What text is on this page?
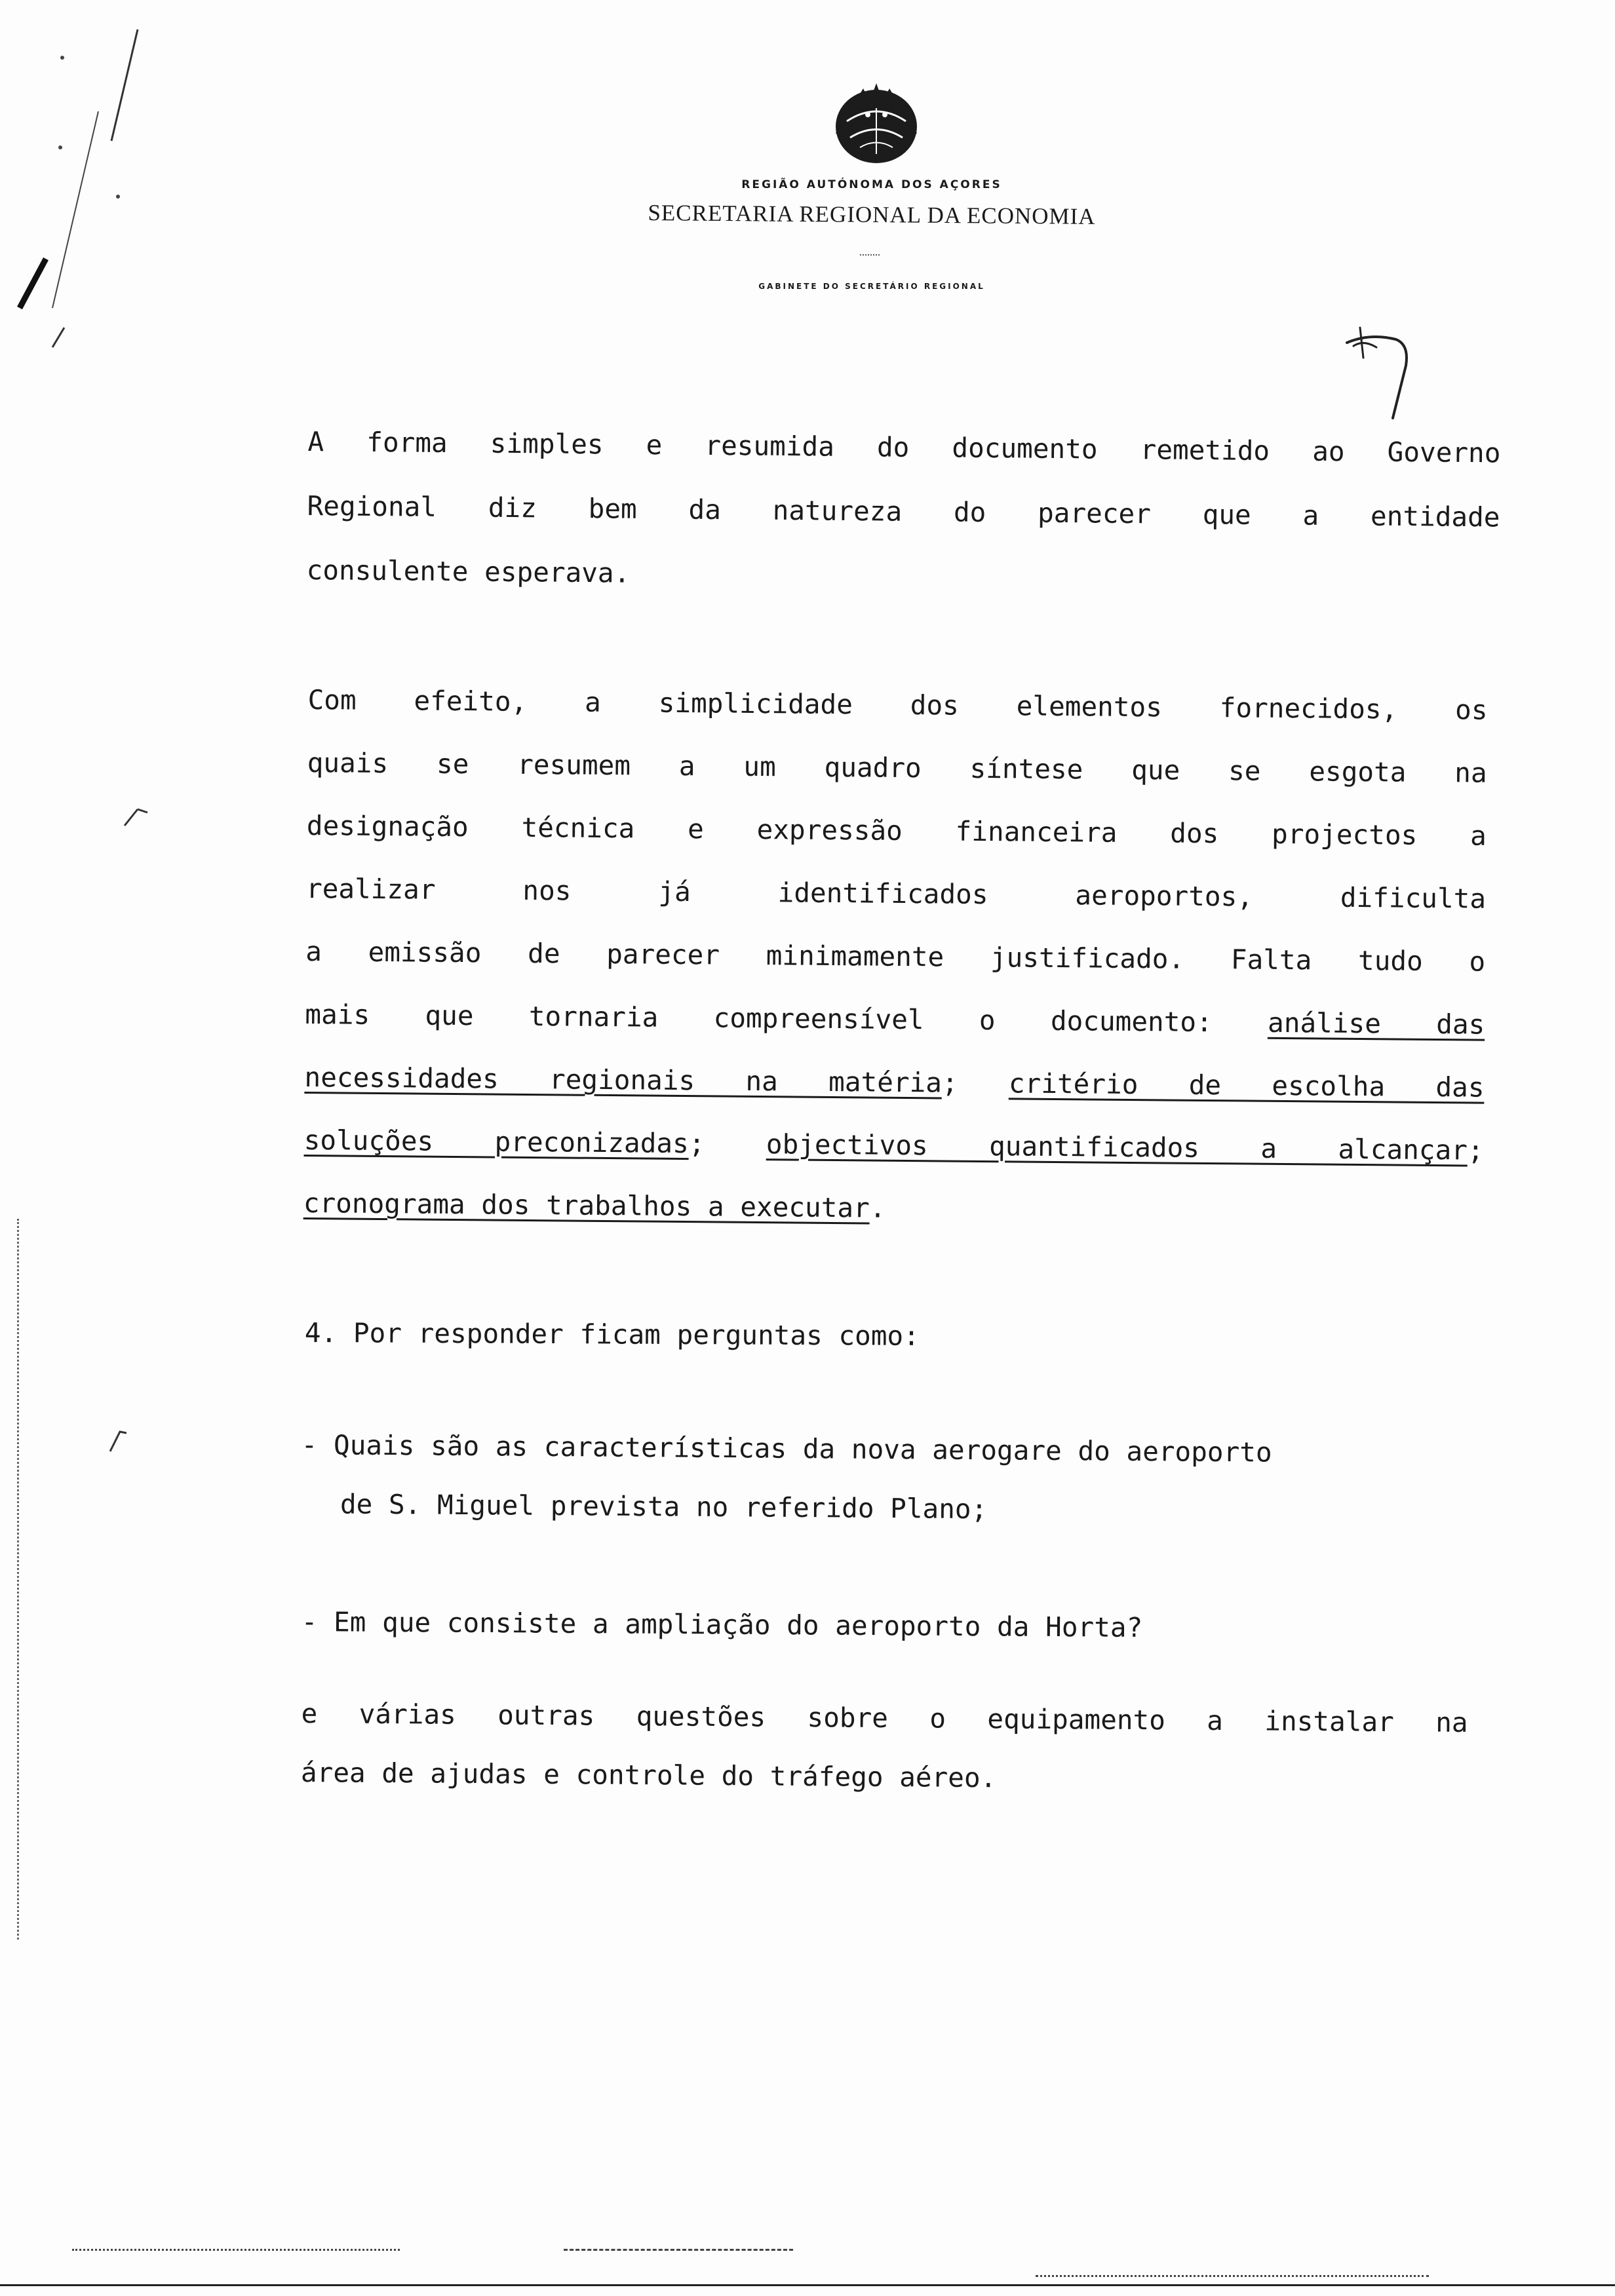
REGIÃO AUTÓNOMA DOS AÇORES
SECRETARIA REGIONAL DA ECONOMIA
GABINETE DO SECRETÁRIO REGIONAL
A forma simples e resumida do documento remetido ao Governo
Regional diz bem da natureza do parecer que a entidade
consulente esperava.
Com efeito, a simplicidade dos elementos fornecidos, os
quais se resumem a um quadro síntese que se esgota na
designação técnica e expressão financeira dos projectos a
realizar nos já identificados aeroportos, dificulta
a emissão de parecer minimamente justificado. Falta tudo o
mais que tornaria compreensível o documento: análise das
necessidades regionais na matéria; critério de escolha das
soluções preconizadas; objectivos quantificados a alcançar;
cronograma dos trabalhos a executar.
4. Por responder ficam perguntas como:
- Quais são as características da nova aerogare do aeroporto
de S. Miguel prevista no referido Plano;
- Em que consiste a ampliação do aeroporto da Horta?
e várias outras questões sobre o equipamento a instalar na
área de ajudas e controle do tráfego aéreo.
